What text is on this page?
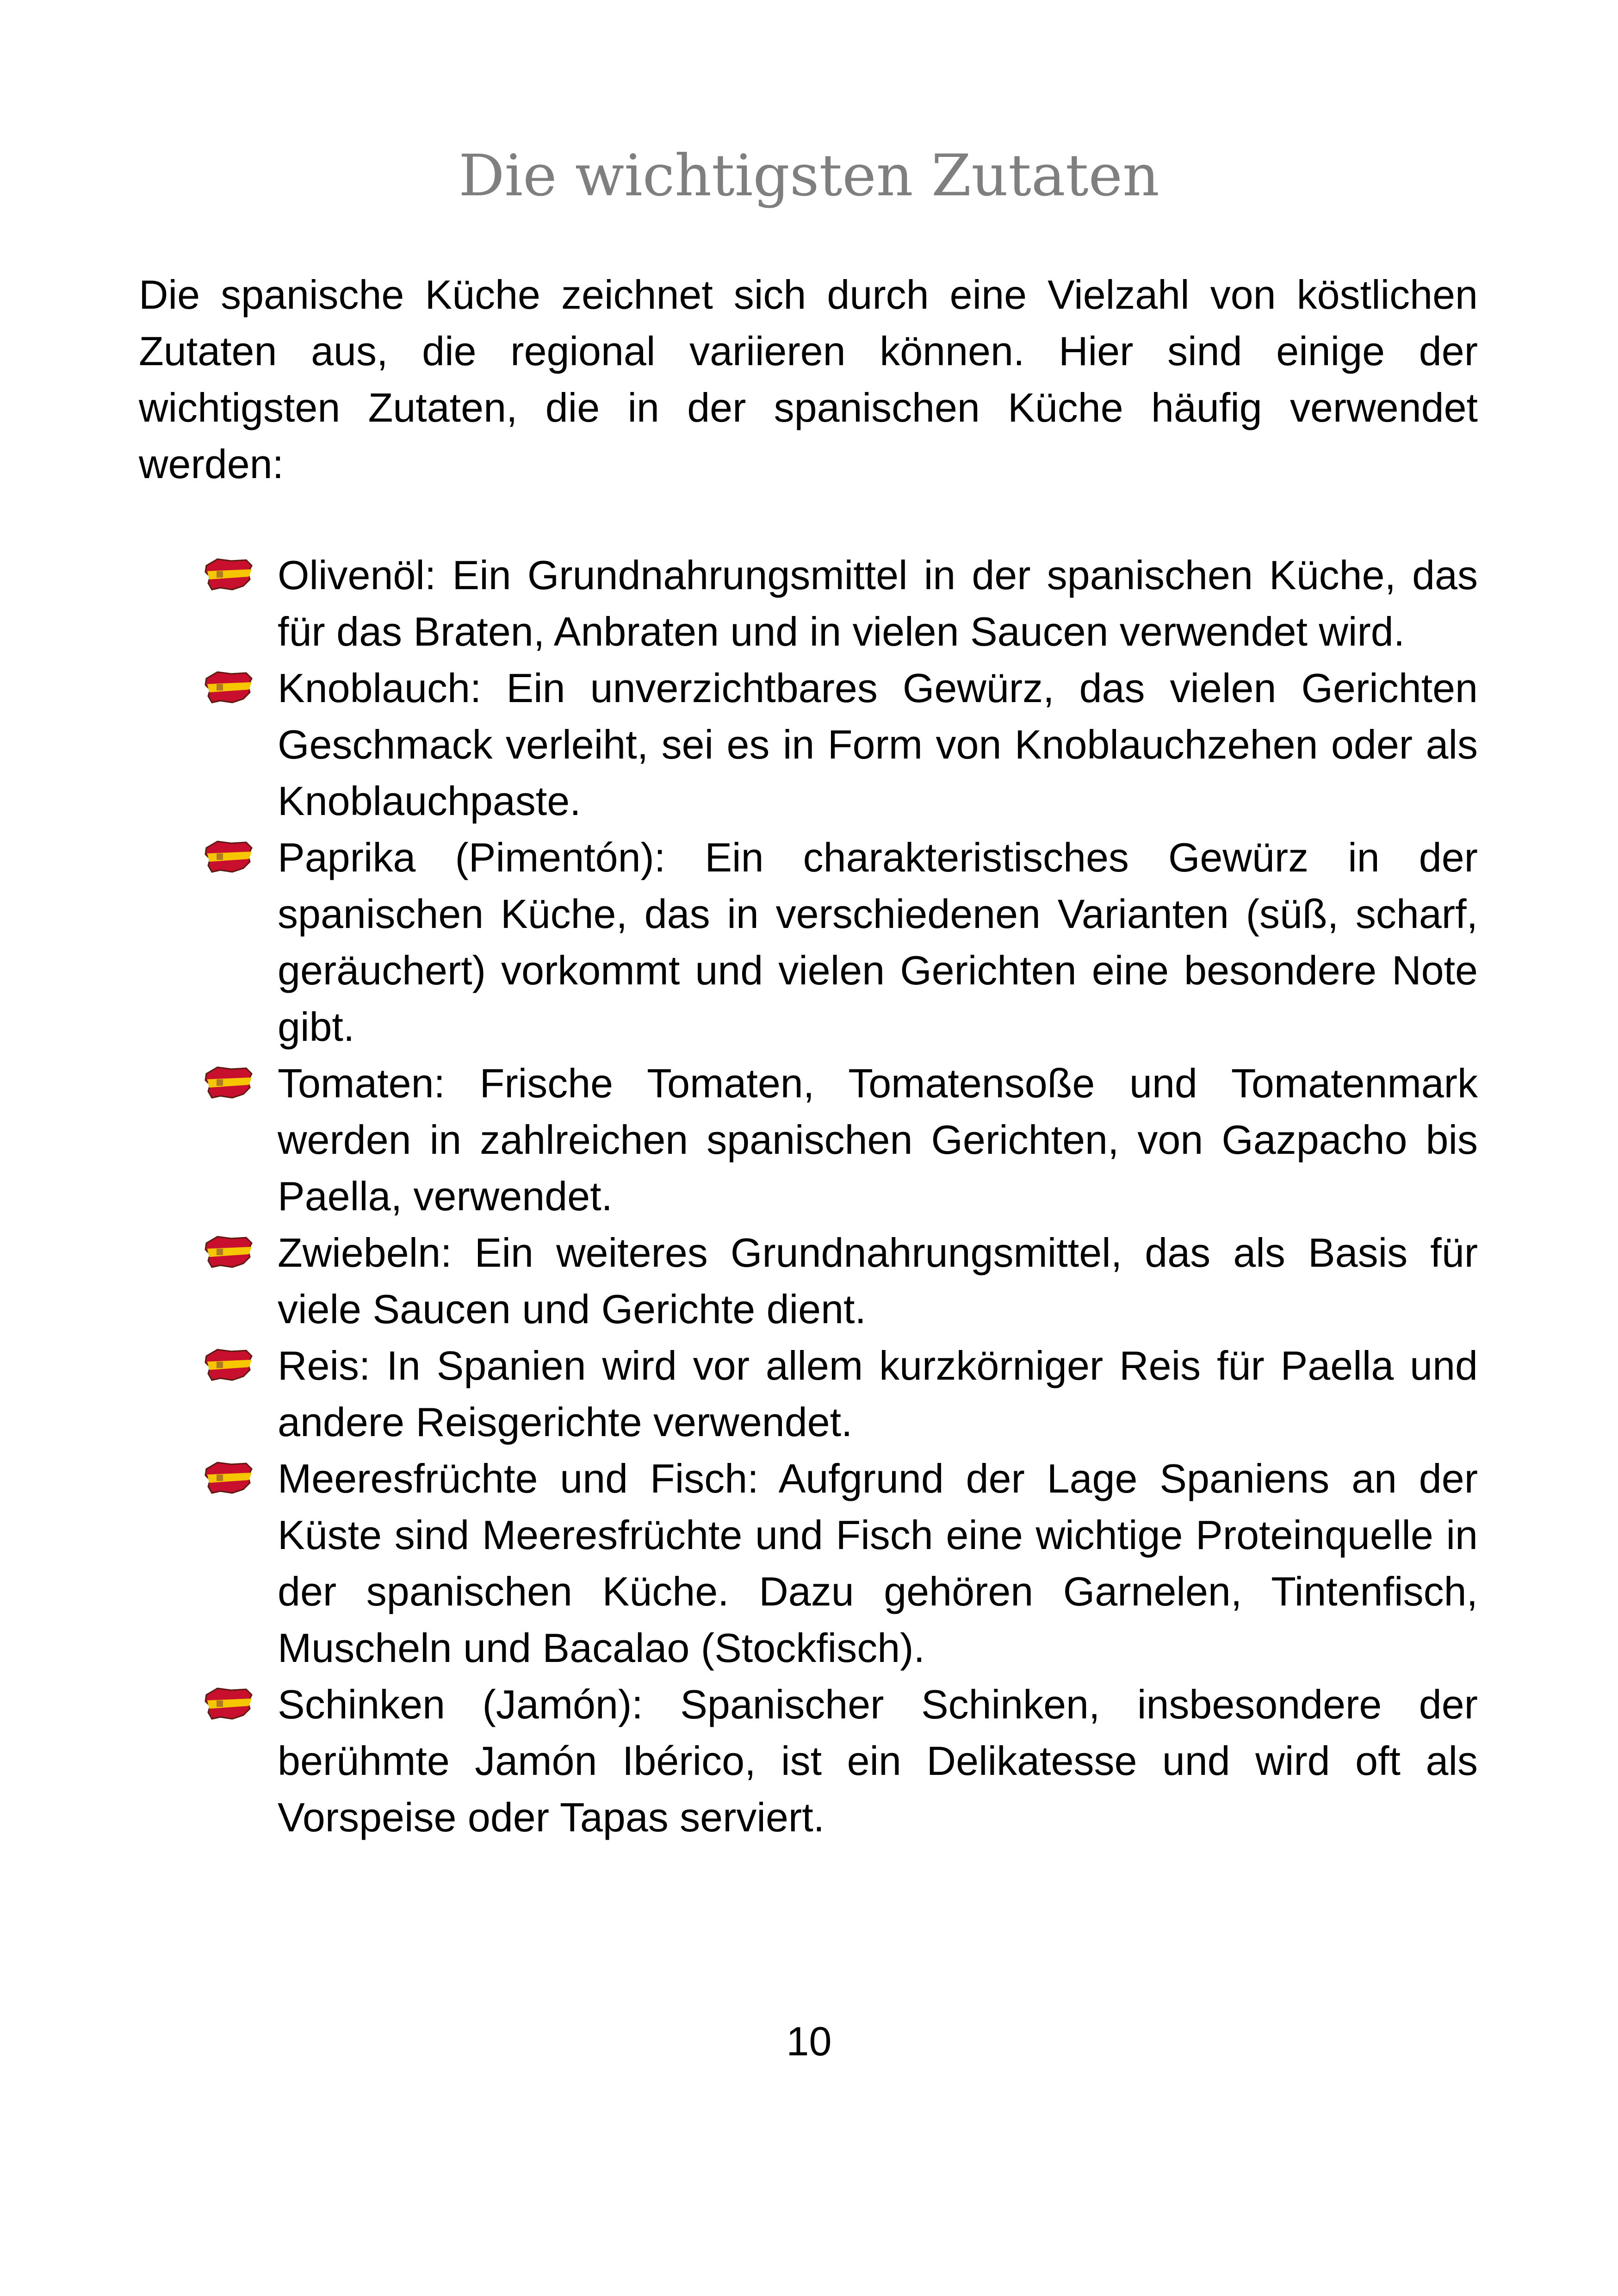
Die wichtigsten Zutaten

Die spanische Küche zeichnet sich durch eine Vielzahl von köstlichen Zutaten aus, die regional variieren können. Hier sind einige der wichtigsten Zutaten, die in der spanischen Küche häufig verwendet werden:

Olivenöl: Ein Grundnahrungsmittel in der spanischen Küche, das für das Braten, Anbraten und in vielen Saucen verwendet wird.
Knoblauch: Ein unverzichtbares Gewürz, das vielen Gerichten Geschmack verleiht, sei es in Form von Knoblauchzehen oder als Knoblauchpaste.
Paprika (Pimentón): Ein charakteristisches Gewürz in der spanischen Küche, das in verschiedenen Varianten (süß, scharf, geräuchert) vorkommt und vielen Gerichten eine besondere Note gibt.
Tomaten: Frische Tomaten, Tomatensoße und Tomatenmark werden in zahlreichen spanischen Gerichten, von Gazpacho bis Paella, verwendet.
Zwiebeln: Ein weiteres Grundnahrungsmittel, das als Basis für viele Saucen und Gerichte dient.
Reis: In Spanien wird vor allem kurzkörniger Reis für Paella und andere Reisgerichte verwendet.
Meeresfrüchte und Fisch: Aufgrund der Lage Spaniens an der Küste sind Meeresfrüchte und Fisch eine wichtige Proteinquelle in der spanischen Küche. Dazu gehören Garnelen, Tintenfisch, Muscheln und Bacalao (Stockfisch).
Schinken (Jamón): Spanischer Schinken, insbesondere der berühmte Jamón Ibérico, ist ein Delikatesse und wird oft als Vorspeise oder Tapas serviert.
10
